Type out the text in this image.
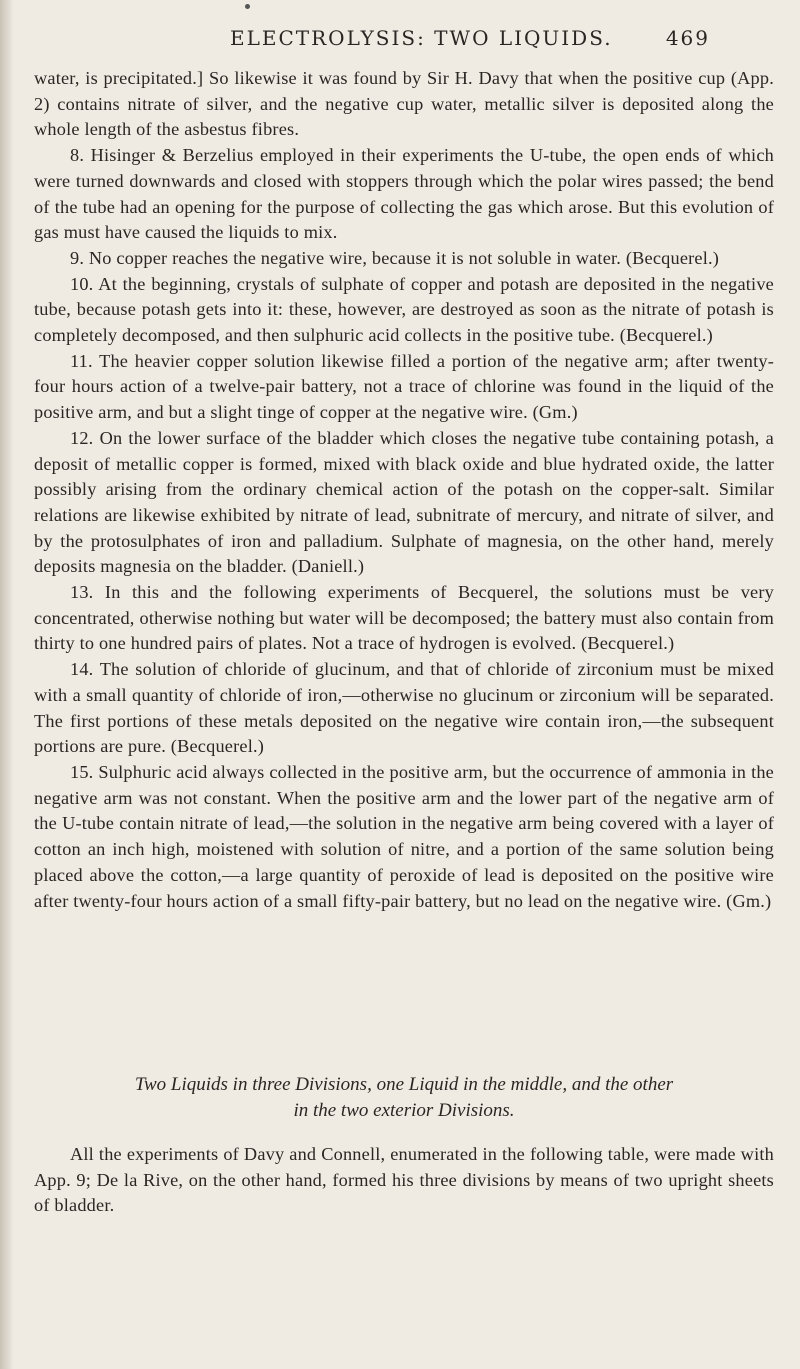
ELECTROLYSIS: TWO LIQUIDS.	469

water, is precipitated.] So likewise it was found by Sir H. Davy that when the positive cup (App. 2) contains nitrate of silver, and the negative cup water, metallic silver is deposited along the whole length of the asbestus fibres.

8. Hisinger & Berzelius employed in their experiments the U-tube, the open ends of which were turned downwards and closed with stoppers through which the polar wires passed; the bend of the tube had an opening for the purpose of collecting the gas which arose. But this evolution of gas must have caused the liquids to mix.

9. No copper reaches the negative wire, because it is not soluble in water. (Becquerel.)

10. At the beginning, crystals of sulphate of copper and potash are deposited in the negative tube, because potash gets into it: these, however, are destroyed as soon as the nitrate of potash is completely decomposed, and then sulphuric acid collects in the positive tube. (Becquerel.)

11. The heavier copper solution likewise filled a portion of the negative arm; after twenty-four hours action of a twelve-pair battery, not a trace of chlorine was found in the liquid of the positive arm, and but a slight tinge of copper at the negative wire. (Gm.)

12. On the lower surface of the bladder which closes the negative tube containing potash, a deposit of metallic copper is formed, mixed with black oxide and blue hydrated oxide, the latter possibly arising from the ordinary chemical action of the potash on the copper-salt. Similar relations are likewise exhibited by nitrate of lead, subnitrate of mercury, and nitrate of silver, and by the protosulphates of iron and palladium. Sulphate of magnesia, on the other hand, merely deposits magnesia on the bladder. (Daniell.)

13. In this and the following experiments of Becquerel, the solutions must be very concentrated, otherwise nothing but water will be decomposed; the battery must also contain from thirty to one hundred pairs of plates. Not a trace of hydrogen is evolved. (Becquerel.)

14. The solution of chloride of glucinum, and that of chloride of zirconium must be mixed with a small quantity of chloride of iron,—otherwise no glucinum or zirconium will be separated. The first portions of these metals deposited on the negative wire contain iron,—the subsequent portions are pure. (Becquerel.)

15. Sulphuric acid always collected in the positive arm, but the occurrence of ammonia in the negative arm was not constant. When the positive arm and the lower part of the negative arm of the U-tube contain nitrate of lead,—the solution in the negative arm being covered with a layer of cotton an inch high, moistened with solution of nitre, and a portion of the same solution being placed above the cotton,—a large quantity of peroxide of lead is deposited on the positive wire after twenty-four hours action of a small fifty-pair battery, but no lead on the negative wire. (Gm.)

Two Liquids in three Divisions, one Liquid in the middle, and the other
in the two exterior Divisions.

All the experiments of Davy and Connell, enumerated in the following table, were made with App. 9; De la Rive, on the other hand, formed his three divisions by means of two upright sheets of bladder.
